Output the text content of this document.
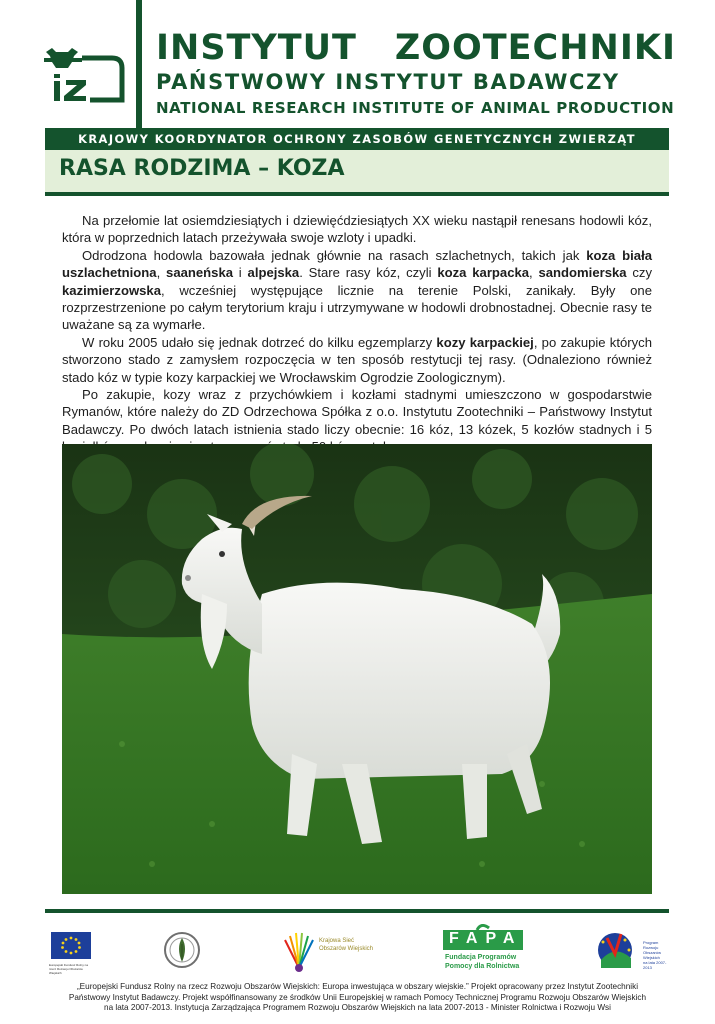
INSTYTUT ZOOTECHNIKI
PAŃSTWOWY INSTYTUT BADAWCZY
NATIONAL RESEARCH INSTITUTE OF ANIMAL PRODUCTION
KRAJOWY KOORDYNATOR OCHRONY ZASOBÓW GENETYCZNYCH ZWIERZĄT
RASA RODZIMA – KOZA

Na przełomie lat osiemdziesiątych i dziewięćdziesiątych XX wieku nastąpił renesans hodowli kóz, która w poprzednich latach przeżywała swoje wzloty i upadki.

Odrodzona hodowla bazowała jednak głównie na rasach szlachetnych, takich jak koza biała uszlachetniona, saaneńska i alpejska. Stare rasy kóz, czyli koza karpacka, sandomierska czy kazimierzowska, wcześniej występujące licznie na terenie Polski, zanikały. Były one rozprzestrzenione po całym terytorium kraju i utrzymywane w hodowli drobnostadnej. Obecnie rasy te uważane są za wymarłe.

W roku 2005 udało się jednak dotrzeć do kilku egzemplarzy kozy karpackiej, po zakupie których stworzono stado z zamysłem rozpoczęcia w ten sposób restytucji tej rasy. (Odnaleziono również stado kóz w typie kozy karpackiej we Wrocławskim Ogrodzie Zoologicznym).

Po zakupie, kozy wraz z przychówkiem i kozłami stadnymi umieszczono w gospodarstwie Rymanów, które należy do ZD Odrzechowa Spółka z o.o. Instytutu Zootechniki – Państwowy Instytut Badawczy. Po dwóch latach istnienia stado liczy obecnie: 16 kóz, 13 kózek, 5 kozłów stadnych i 5

Europejski Fundusz Rolny na rzecz Rozwoju Obszarów Wiejskich
Krajowa Sieć
Obszarów Wiejskich
FAPA
Fundacja Programów
Pomocy dla Rolnictwa
Program
Rozwoju
Obszarów
Wiejskich
na lata 2007-2013
„Europejski Fundusz Rolny na rzecz Rozwoju Obszarów Wiejskich: Europa inwestująca w obszary wiejskie.” Projekt opracowany przez Instytut Zootechniki
Państwowy Instytut Badawczy. Projekt współfinansowany ze środków Unii Europejskiej w ramach Pomocy Technicznej Programu Rozwoju Obszarów Wiejskich
na lata 2007-2013. Instytucja Zarządzająca Programem Rozwoju Obszarów Wiejskich na lata 2007-2013 - Minister Rolnictwa i Rozwoju Wsi
